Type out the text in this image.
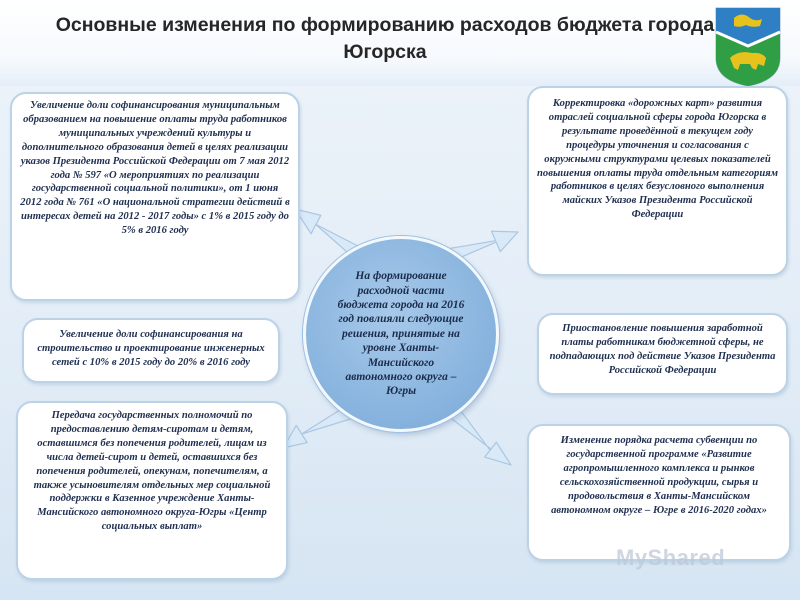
Основные изменения по формированию расходов бюджета города Югорска
Увеличение доли софинансирования муниципальным образованием на повышение оплаты труда работников муниципальных учреждений культуры и дополнительного образования детей в целях реализации указов Президента Российской Федерации от 7 мая 2012 года № 597 «О мероприятиях по реализации государственной социальной политики», от 1 июня 2012 года № 761 «О национальной стратегии действий в интересах детей на 2012 - 2017 годы» с 1% в 2015 году до 5% в 2016 году
Увеличение доли софинансирования на строительство и проектирование инженерных сетей с 10% в 2015 году до 20% в 2016 году
Передача государственных полномочий по предоставлению детям-сиротам и детям, оставшимся без попечения родителей, лицам из числа детей-сирот и детей, оставшихся без попечения родителей, опекунам, попечителям, а также усыновителям отдельных мер социальной поддержки в Казенное учреждение Ханты-Мансийского автономного округа-Югры «Центр социальных выплат»
Корректировка «дорожных карт» развития отраслей социальной сферы города Югорска в результате проведённой в текущем году процедуры уточнения и согласования с окружными структурами целевых показателей повышения оплаты труда отдельным категориям работников в целях безусловного выполнения майских Указов Президента Российской Федерации
Приостановление повышения заработной платы работникам бюджетной сферы, не подпадающих под действие Указов Президента Российской Федерации
Изменение порядка расчета субвенции по государственной программе «Развитие агропромышленного комплекса и рынков сельскохозяйственной продукции, сырья и продовольствия в Ханты-Мансийском автономном округе – Югре в 2016-2020 годах»
На формирование расходной части бюджета города на 2016 год повлияли следующие решения, принятые на уровне Ханты-Мансийского автономного округа – Югры
MyShared
